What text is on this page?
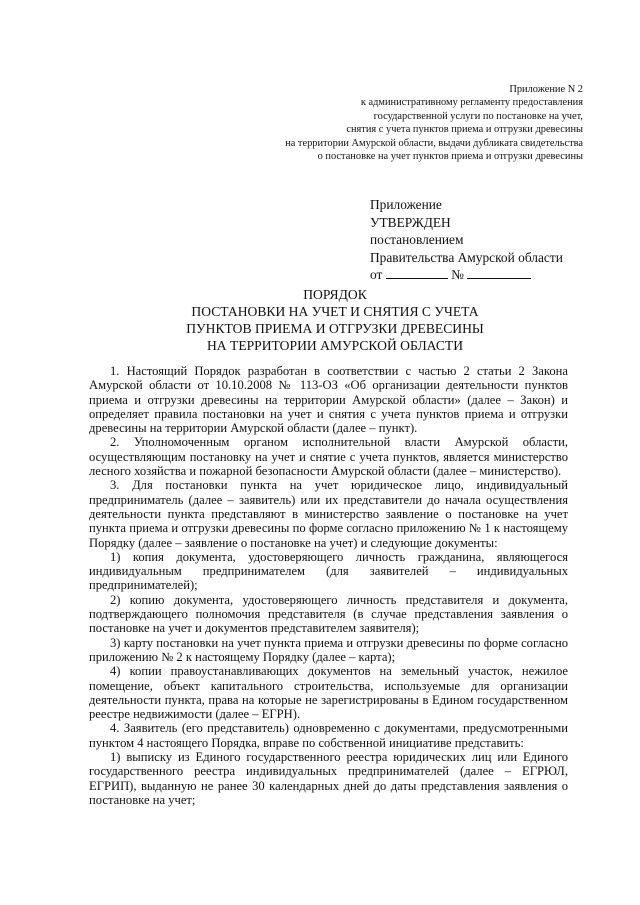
Приложение N 2
к административному регламенту предоставления
государственной услуги по постановке на учет,
снятия с учета пунктов приема и отгрузки древесины
на территории Амурской области, выдачи дубликата свидетельства
о постановке на учет пунктов приема и отгрузки древесины
Приложение
УТВЕРЖДЕН
постановлением
Правительства Амурской области
от	№
ПОРЯДОК
ПОСТАНОВКИ НА УЧЕТ И СНЯТИЯ С УЧЕТА
ПУНКТОВ ПРИЕМА И ОТГРУЗКИ ДРЕВЕСИНЫ
НА ТЕРРИТОРИИ АМУРСКОЙ ОБЛАСТИ

1. Настоящий Порядок разработан в соответствии с частью 2 статьи 2 Закона Амурской области от 10.10.2008 № 113-ОЗ «Об организации деятельности пунктов приема и отгрузки древесины на территории Амурской области» (далее – Закон) и определяет правила постановки на учет и снятия с учета пунктов приема и отгрузки древесины на территории Амурской области (далее – пункт).

2. Уполномоченным органом исполнительной власти Амурской области, осуществляющим постановку на учет и снятие с учета пунктов, является министерство лесного хозяйства и пожарной безопасности Амурской области (далее – министерство).

3. Для постановки пункта на учет юридическое лицо, индивидуальный предприниматель (далее – заявитель) или их представители до начала осуществления деятельности пункта представляют в министерство заявление о постановке на учет пункта приема и отгрузки древесины по форме согласно приложению № 1 к настоящему Порядку (далее – заявление о постановке на учет) и следующие документы:

1) копия документа, удостоверяющего личность гражданина, являющегося индивидуальным предпринимателем (для заявителей – индивидуальных предпринимателей);

2) копию документа, удостоверяющего личность представителя и документа, подтверждающего полномочия представителя (в случае представления заявления о постановке на учет и документов представителем заявителя);

3) карту постановки на учет пункта приема и отгрузки древесины по форме согласно приложению № 2 к настоящему Порядку (далее – карта);

4) копии правоустанавливающих документов на земельный участок, нежилое помещение, объект капитального строительства, используемые для организации деятельности пункта, права на которые не зарегистрированы в Едином государственном реестре недвижимости (далее – ЕГРН).

4. Заявитель (его представитель) одновременно с документами, предусмотренными пунктом 4 настоящего Порядка, вправе по собственной инициативе представить:

1) выписку из Единого государственного реестра юридических лиц или Единого государственного реестра индивидуальных предпринимателей (далее – ЕГРЮЛ, ЕГРИП), выданную не ранее 30 календарных дней до даты представления заявления о постановке на учет;
